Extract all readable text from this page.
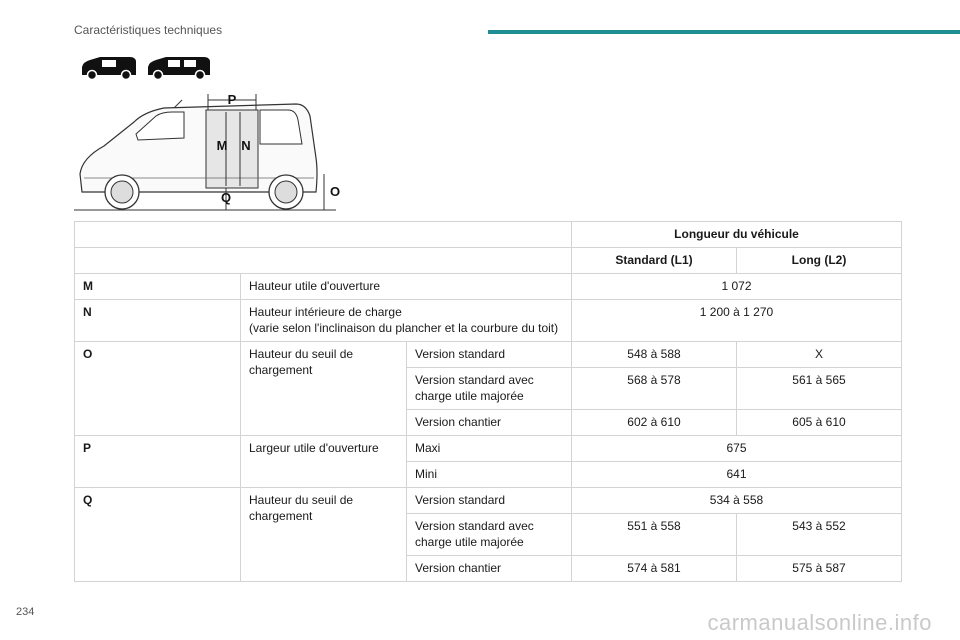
Caractéristiques techniques
P
M N
Q	O
			Longueur du véhicule	
			Standard (L1)	Long (L2)
M	Hauteur utile d'ouverture		1 072	
N	Hauteur intérieure de charge
(varie selon l'inclinaison du plancher et la courbure du toit)		1 200 à 1 270	
O	Hauteur du seuil de chargement	Version standard	548 à 588	X
		Version standard avec charge utile majorée	568 à 578	561 à 565
		Version chantier	602 à 610	605 à 610
P	Largeur utile d'ouverture	Maxi	675	
		Mini	641	
Q	Hauteur du seuil de chargement	Version standard	534 à 558	
		Version standard avec charge utile majorée	551 à 558	543 à 552
		Version chantier	574 à 581	575 à 587
234	carmanualsonline.info
